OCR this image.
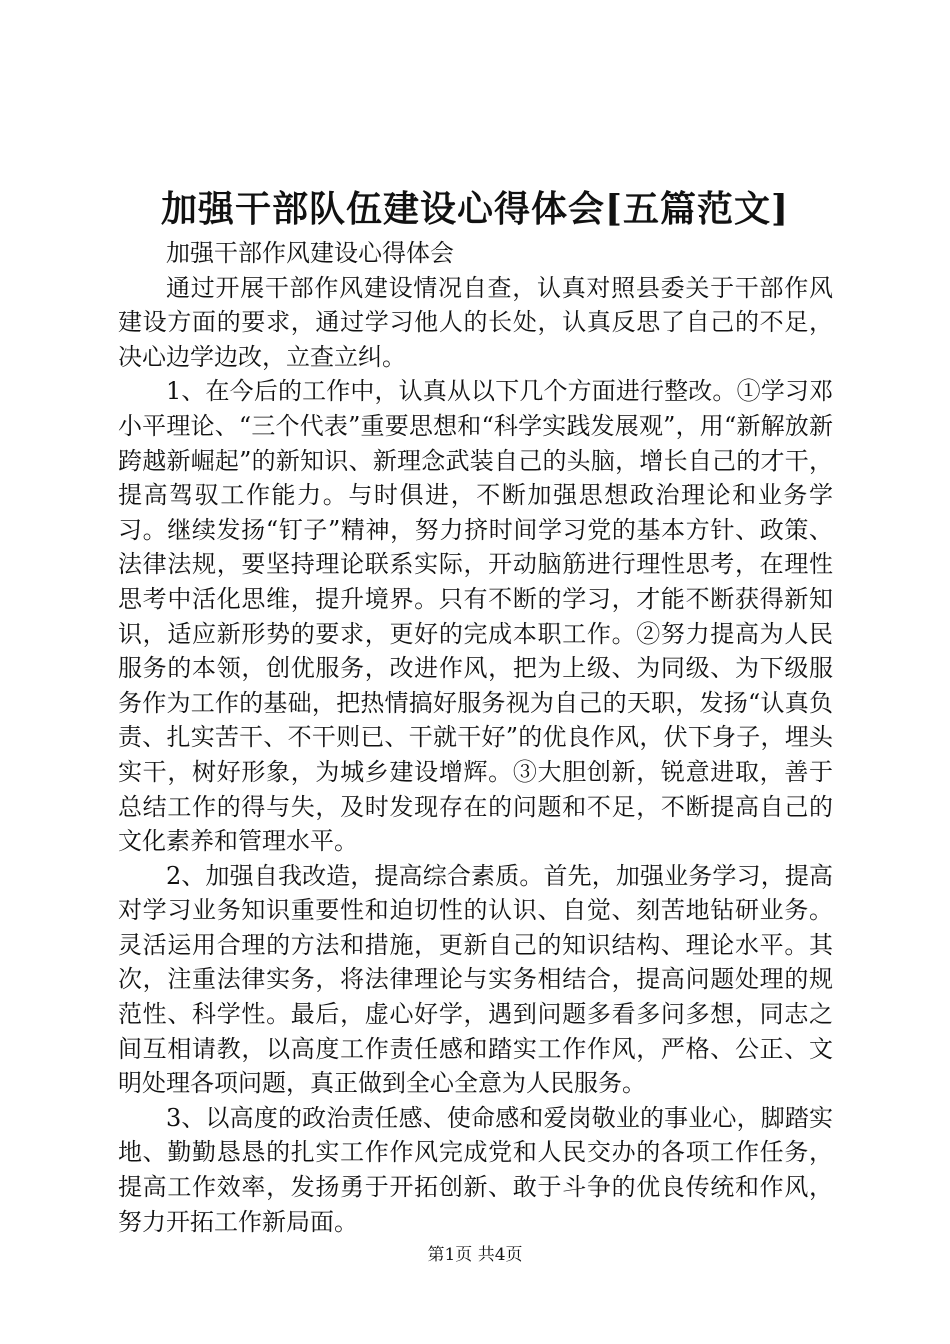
加强干部队伍建设心得体会[五篇范文]

加强干部作风建设心得体会

通过开展干部作风建设情况自查，认真对照县委关于干部作风建设方面的要求，通过学习他人的长处，认真反思了自己的不足，决心边学边改，立查立纠。

1、在今后的工作中，认真从以下几个方面进行整改。①学习邓小平理论、“三个代表”重要思想和“科学实践发展观”，用“新解放新跨越新崛起”的新知识、新理念武装自己的头脑，增长自己的才干，提高驾驭工作能力。与时俱进，不断加强思想政治理论和业务学习。继续发扬“钉子”精神，努力挤时间学习党的基本方针、政策、法律法规，要坚持理论联系实际，开动脑筋进行理性思考，在理性思考中活化思维，提升境界。只有不断的学习，才能不断获得新知识，适应新形势的要求，更好的完成本职工作。②努力提高为人民服务的本领，创优服务，改进作风，把为上级、为同级、为下级服务作为工作的基础，把热情搞好服务视为自己的天职，发扬“认真负责、扎实苦干、不干则已、干就干好”的优良作风，伏下身子，埋头实干，树好形象，为城乡建设增辉。③大胆创新，锐意进取，善于总结工作的得与失，及时发现存在的问题和不足，不断提高自己的文化素养和管理水平。

2、加强自我改造，提高综合素质。首先，加强业务学习，提高对学习业务知识重要性和迫切性的认识、自觉、刻苦地钻研业务。灵活运用合理的方法和措施，更新自己的知识结构、理论水平。其次，注重法律实务，将法律理论与实务相结合，提高问题处理的规范性、科学性。最后，虚心好学，遇到问题多看多问多想，同志之间互相请教，以高度工作责任感和踏实工作作风，严格、公正、文明处理各项问题，真正做到全心全意为人民服务。

3、以高度的政治责任感、使命感和爱岗敬业的事业心，脚踏实地、勤勤恳恳的扎实工作作风完成党和人民交办的各项工作任务，提高工作效率，发扬勇于开拓创新、敢于斗争的优良传统和作风，努力开拓工作新局面。

第1页 共4页
